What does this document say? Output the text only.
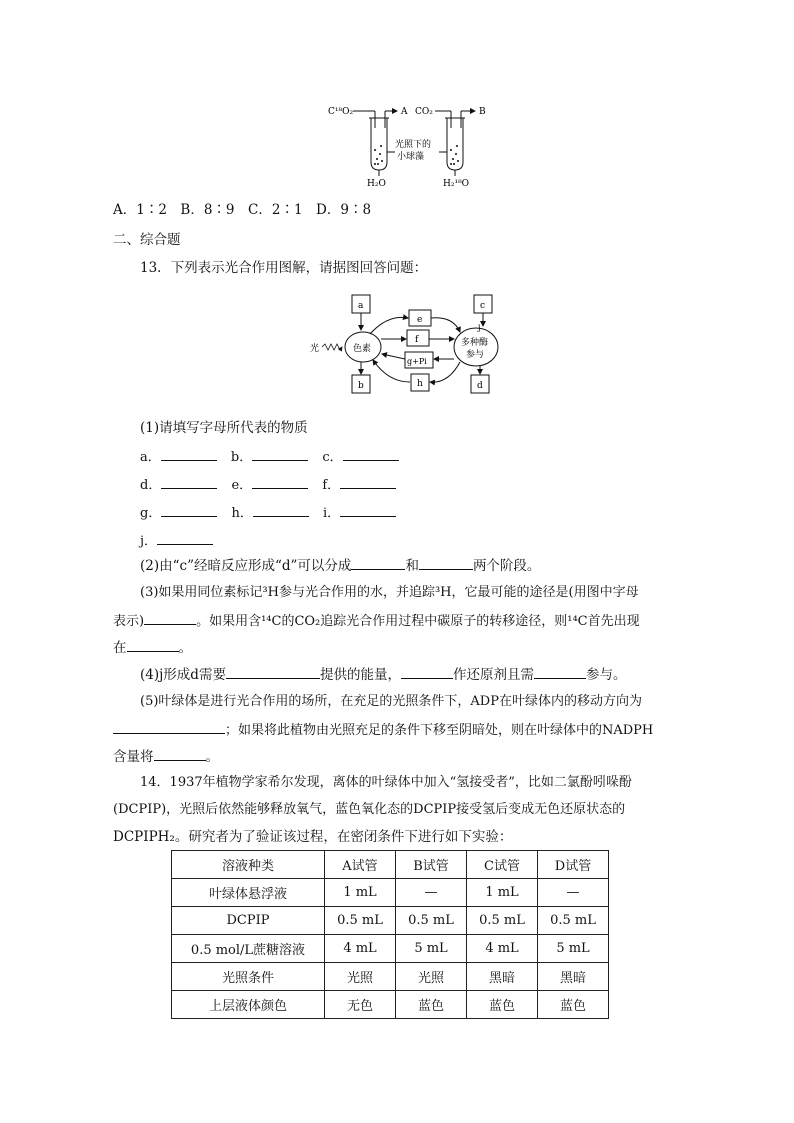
C¹⁸O₂	A
H₂O
CO₂	B
H₂¹⁸O
光照下的
小球藻
A．1∶2　B．8∶9　C．2∶1　D．9∶8
二、综合题
13．下列表示光合作用图解，请据图回答问题：
a
b
c
d
e
f
g+Pi
h
色素
多种酶
参与
j
光
(1)请填写字母所代表的物质
a．	b．	c．
d．	e．	f．
g．	h．	i．
j．
(2)由“c”经暗反应形成“d”可以分成	和	两个阶段。
(3)如果用同位素标记³H参与光合作用的水，并追踪³H，它最可能的途径是(用图中字母
表示)	。如果用含¹⁴C的CO₂追踪光合作用过程中碳原子的转移途径，则¹⁴C首先出现
在	。
(4)j形成d需要	提供的能量，	作还原剂且需	参与。
(5)叶绿体是进行光合作用的场所，在充足的光照条件下，ADP在叶绿体内的移动方向为
；如果将此植物由光照充足的条件下移至阴暗处，则在叶绿体中的NADPH
含量将	。
14．1937年植物学家希尔发现，离体的叶绿体中加入“氢接受者”，比如二氯酚吲哚酚
(DCPIP)，光照后依然能够释放氧气，蓝色氧化态的DCPIP接受氢后变成无色还原状态的
DCPIPH₂。研究者为了验证该过程，在密闭条件下进行如下实验：
溶液种类	A试管	B试管	C试管	D试管
叶绿体悬浮液	1 mL	—	1 mL	—
DCPIP	0.5 mL	0.5 mL	0.5 mL	0.5 mL
0.5 mol/L蔗糖溶液	4 mL	5 mL	4 mL	5 mL
光照条件	光照	光照	黑暗	黑暗
上层液体颜色	无色	蓝色	蓝色	蓝色
